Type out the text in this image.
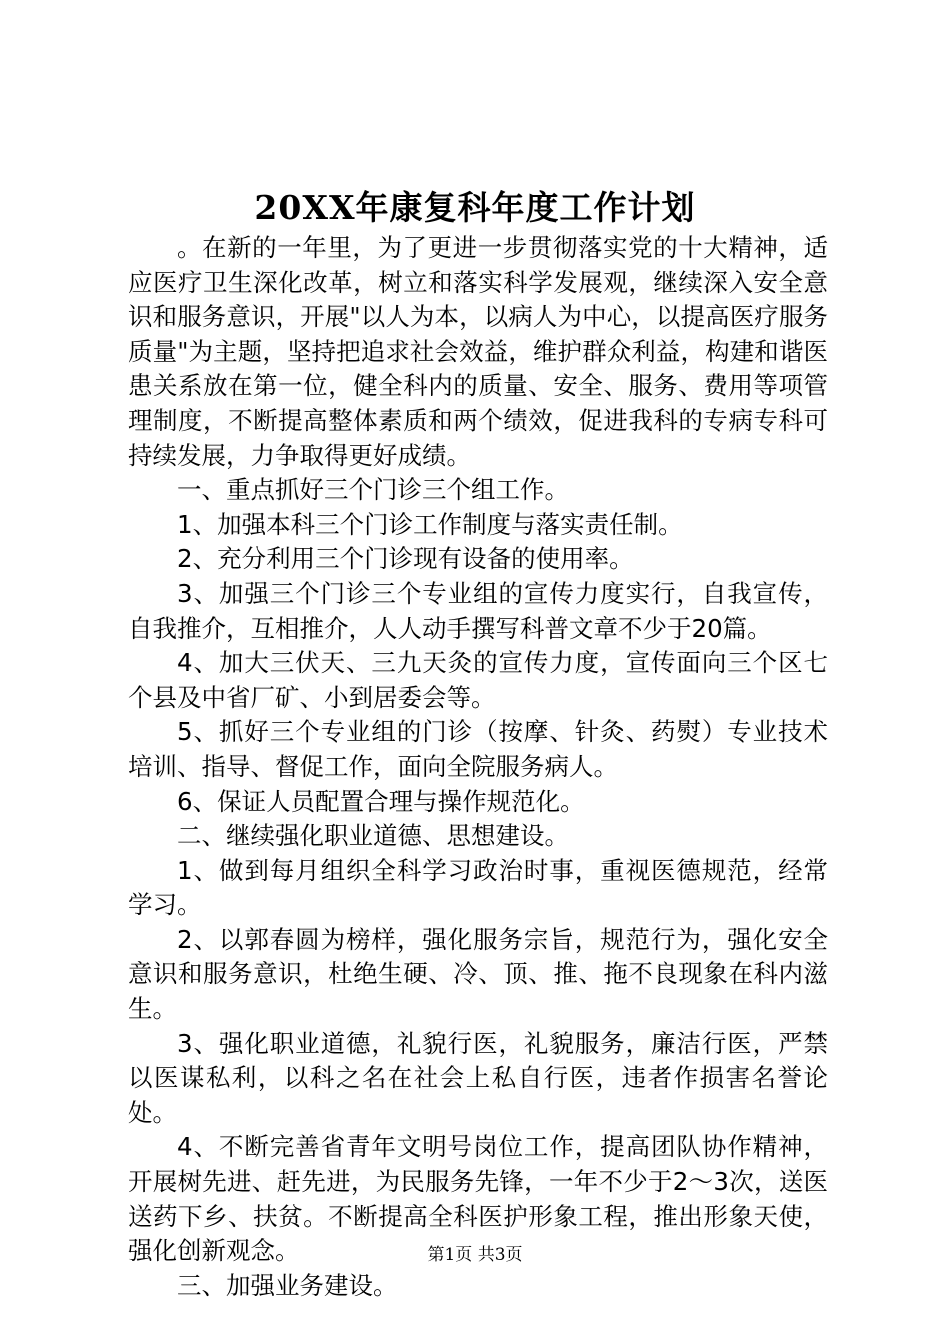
20XX年康复科年度工作计划

。在新的一年里，为了更进一步贯彻落实党的十大精神，适应医疗卫生深化改革，树立和落实科学发展观，继续深入安全意识和服务意识，开展"以人为本，以病人为中心，以提高医疗服务质量"为主题，坚持把追求社会效益，维护群众利益，构建和谐医患关系放在第一位，健全科内的质量、安全、服务、费用等项管理制度，不断提高整体素质和两个绩效，促进我科的专病专科可持续发展，力争取得更好成绩。

一、重点抓好三个门诊三个组工作。

1、加强本科三个门诊工作制度与落实责任制。

2、充分利用三个门诊现有设备的使用率。

3、加强三个门诊三个专业组的宣传力度实行，自我宣传，自我推介，互相推介，人人动手撰写科普文章不少于20篇。

4、加大三伏天、三九天灸的宣传力度，宣传面向三个区七个县及中省厂矿、小到居委会等。

5、抓好三个专业组的门诊（按摩、针灸、药熨）专业技术培训、指导、督促工作，面向全院服务病人。

6、保证人员配置合理与操作规范化。

二、继续强化职业道德、思想建设。

1、做到每月组织全科学习政治时事，重视医德规范，经常学习。

2、以郭春圆为榜样，强化服务宗旨，规范行为，强化安全意识和服务意识，杜绝生硬、冷、顶、推、拖不良现象在科内滋生。

3、强化职业道德，礼貌行医，礼貌服务，廉洁行医，严禁以医谋私利，以科之名在社会上私自行医，违者作损害名誉论处。

4、不断完善省青年文明号岗位工作，提高团队协作精神，开展树先进、赶先进，为民服务先锋，一年不少于2～3次，送医送药下乡、扶贫。不断提高全科医护形象工程，推出形象天使，强化创新观念。

三、加强业务建设。

第1页 共3页
